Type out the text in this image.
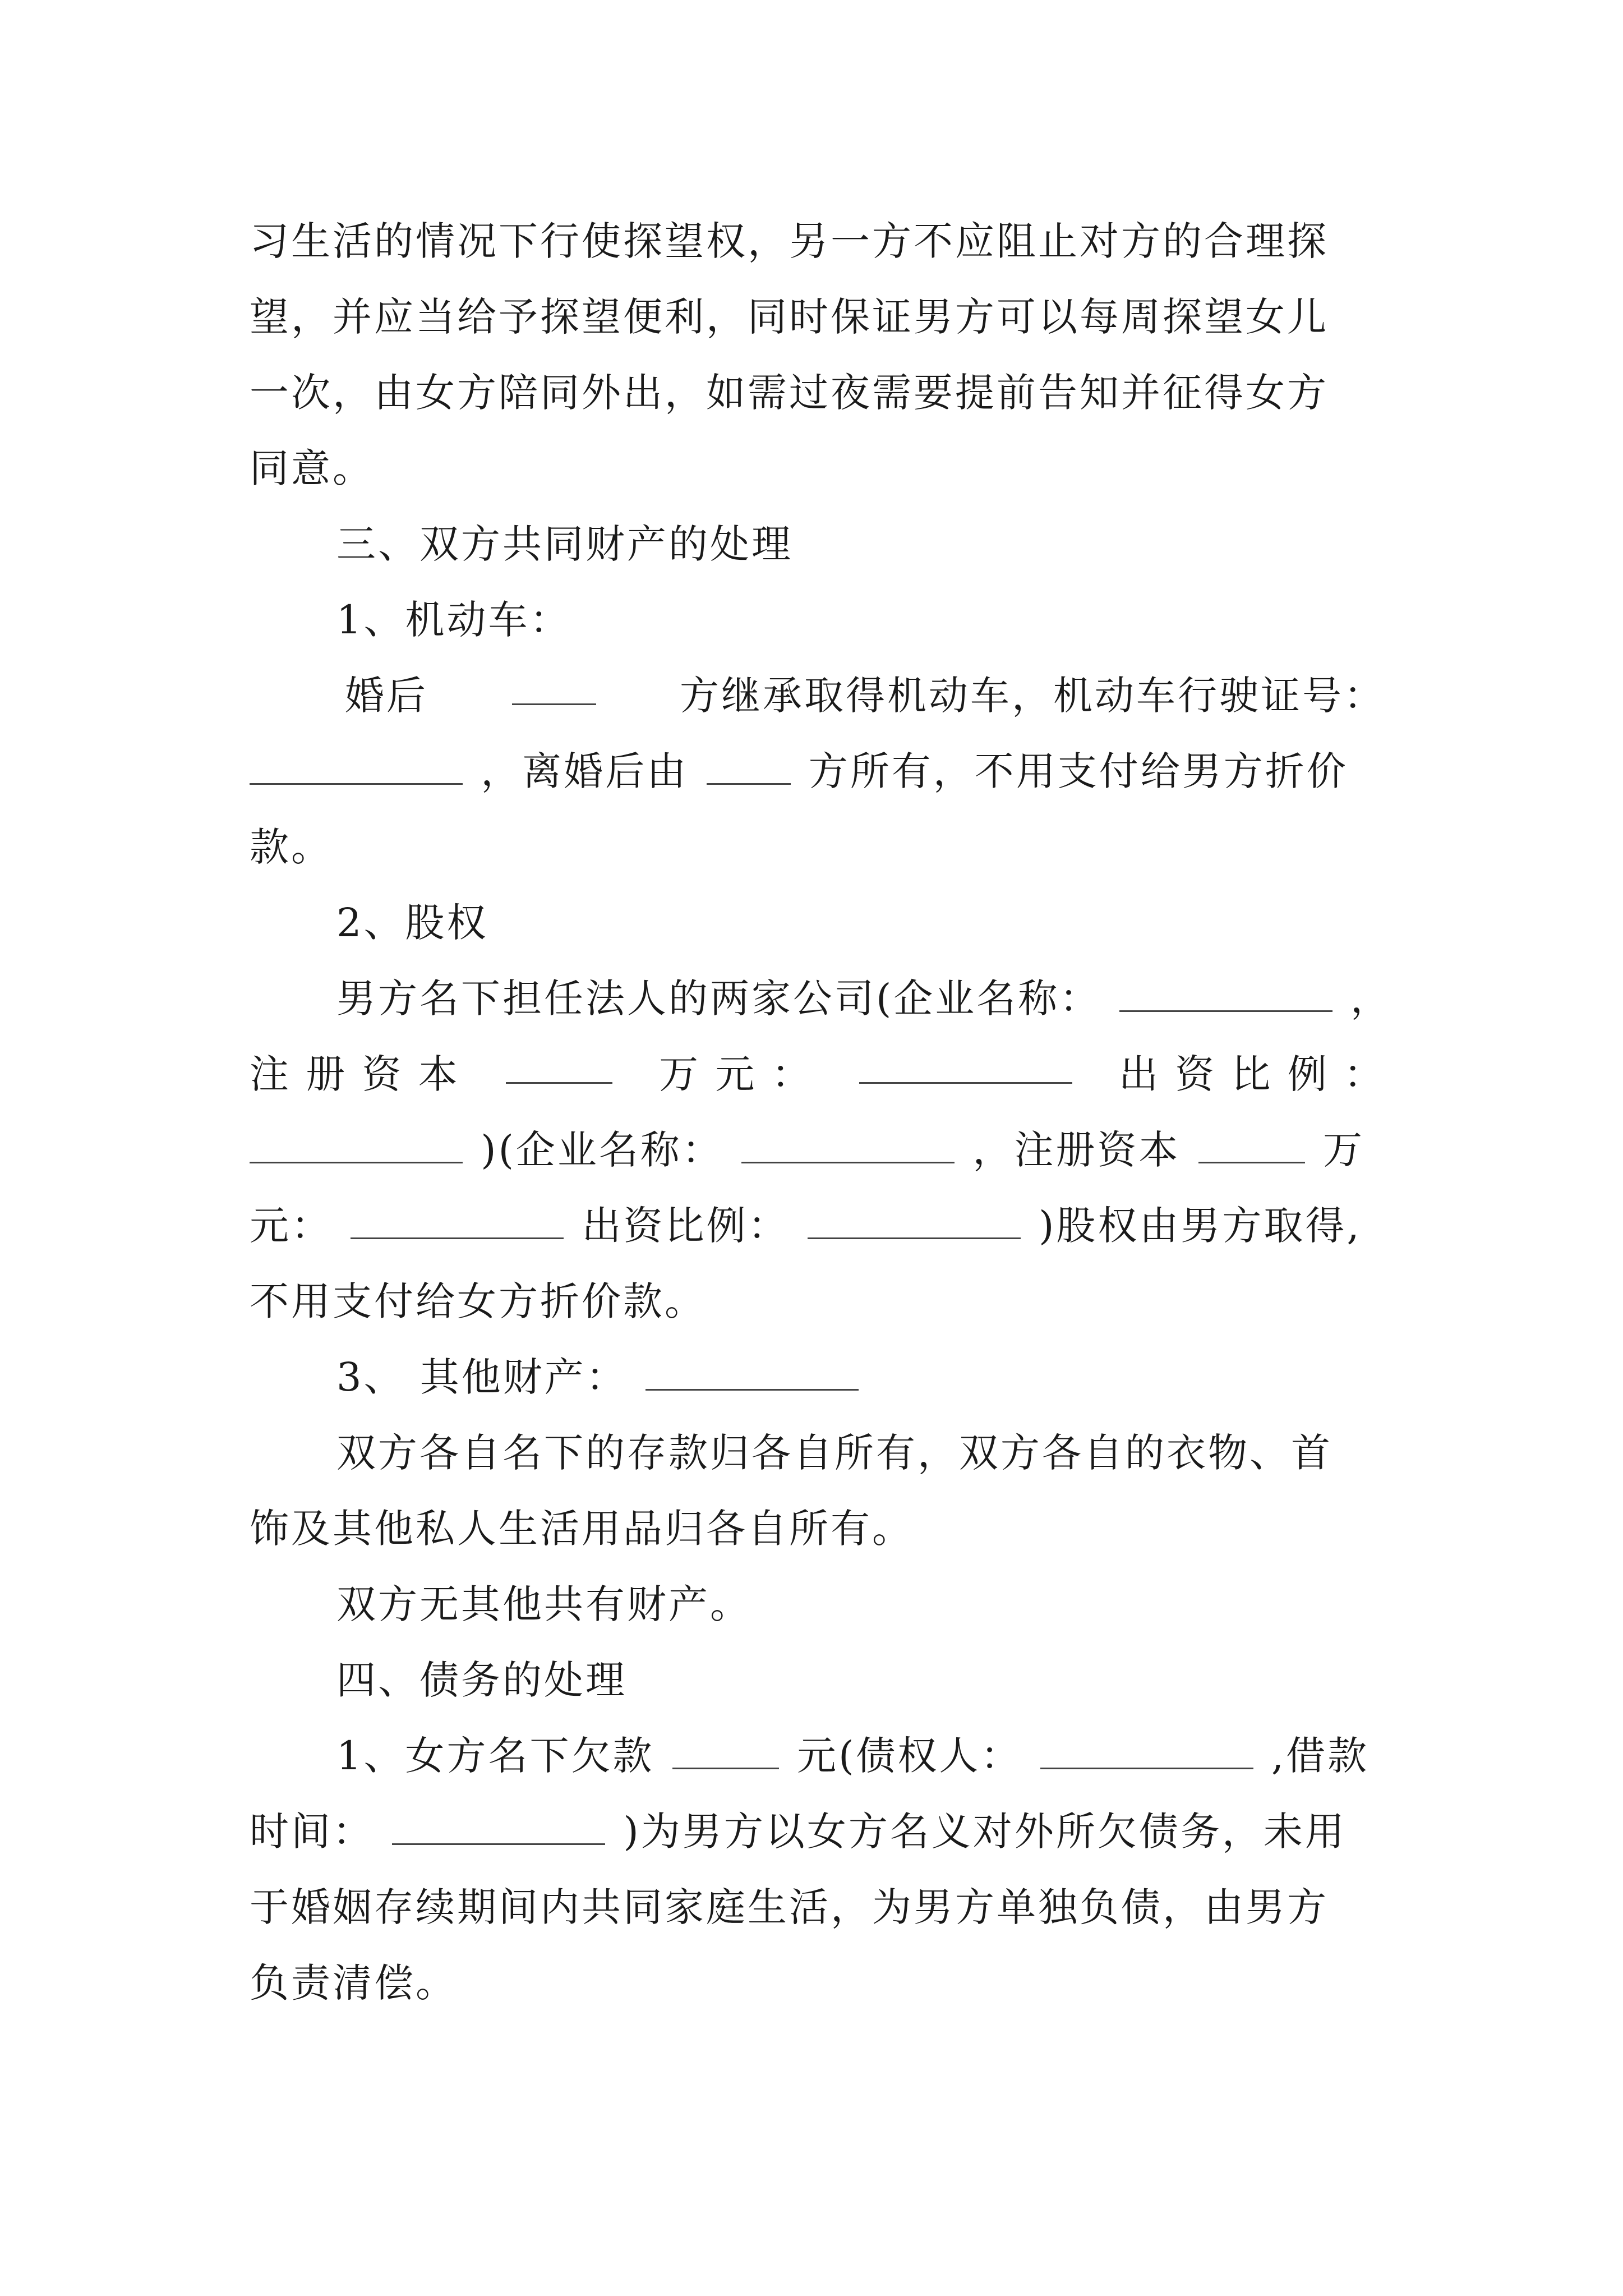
习生活的情况下行使探望权，另一方不应阻止对方的合理探
望，并应当给予探望便利，同时保证男方可以每周探望女儿
一次，由女方陪同外出，如需过夜需要提前告知并征得女方
同意。
三、双方共同财产的处理
1、机动车：
婚后	方继承取得机动车，机动车行驶证号：
，离婚后由	方所有，不用支付给男方折价
款。
2、股权
男方名下担任法人的两家公司(企业名称：	，
注 册 资 本	万 元 ：	出 资 比 例 ：
)(企业名称：	，注册资本	万
元：	出资比例：	)股权由男方取得,
不用支付给女方折价款。
3、 其他财产：
双方各自名下的存款归各自所有，双方各自的衣物、首
饰及其他私人生活用品归各自所有。
双方无其他共有财产。
四、债务的处理
1、女方名下欠款	元(债权人：	,借款
时间：	)为男方以女方名义对外所欠债务，未用
于婚姻存续期间内共同家庭生活，为男方单独负债，由男方
负责清偿。
